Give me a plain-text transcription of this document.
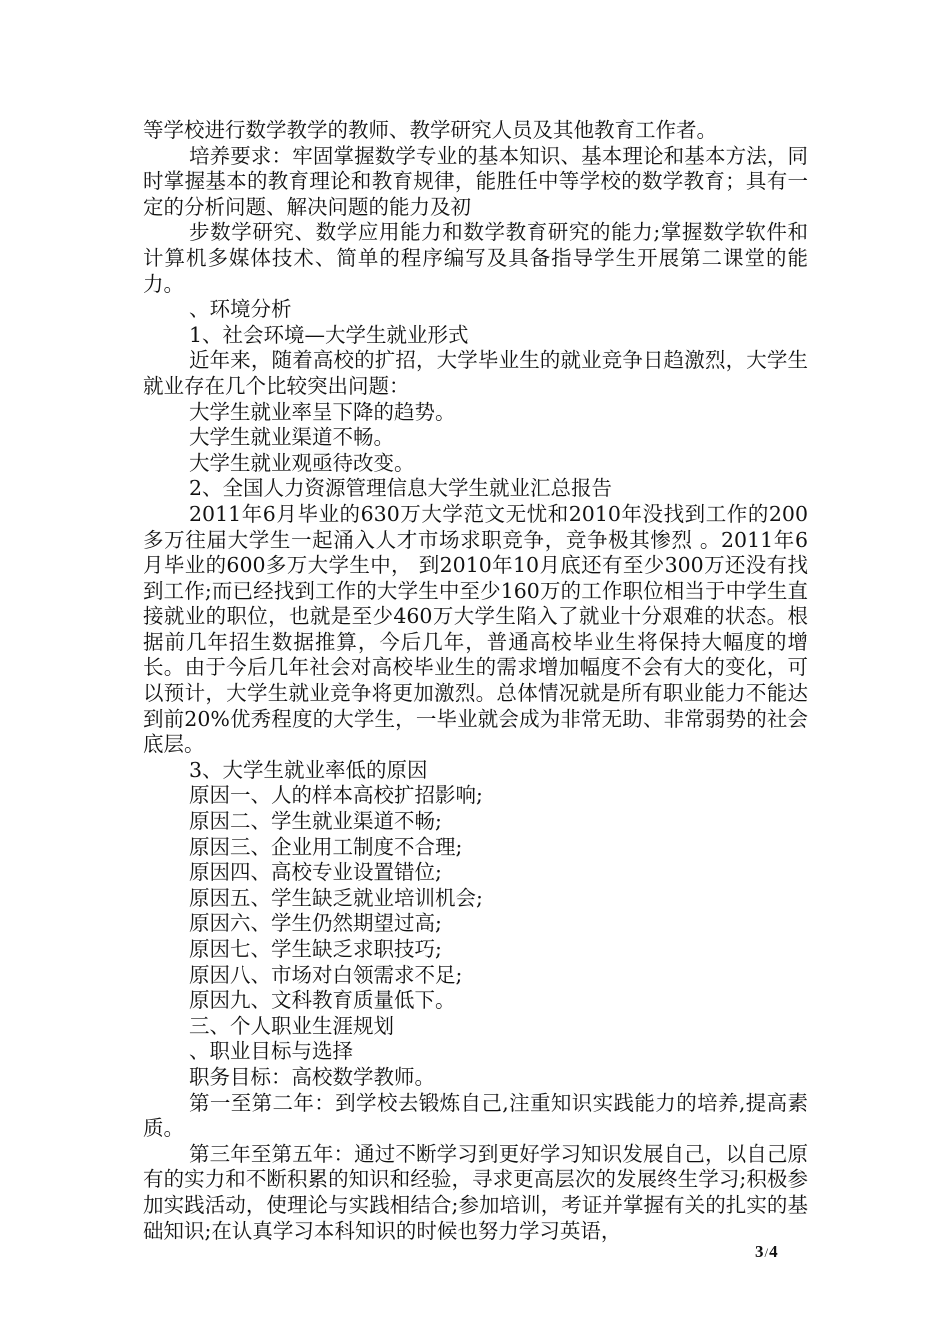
等学校进行数学教学的教师、教学研究人员及其他教育工作者。

培养要求：牢固掌握数学专业的基本知识、基本理论和基本方法，同时掌握基本的教育理论和教育规律，能胜任中等学校的数学教育；具有一定的分析问题、解决问题的能力及初

步数学研究、数学应用能力和数学教育研究的能力;掌握数学软件和计算机多媒体技术、简单的程序编写及具备指导学生开展第二课堂的能力。

、环境分析

1、社会环境—大学生就业形式

近年来，随着高校的扩招，大学毕业生的就业竞争日趋激烈，大学生就业存在几个比较突出问题：

大学生就业率呈下降的趋势。

大学生就业渠道不畅。

大学生就业观亟待改变。

2、全国人力资源管理信息大学生就业汇总报告

2011年6月毕业的630万大学范文无忧和2010年没找到工作的200多万往届大学生一起涌入人才市场求职竞争，竞争极其惨烈 。2011年6月毕业的600多万大学生中， 到2010年10月底还有至少300万还没有找到工作;而已经找到工作的大学生中至少160万的工作职位相当于中学生直接就业的职位，也就是至少460万大学生陷入了就业十分艰难的状态。根据前几年招生数据推算，今后几年，普通高校毕业生将保持大幅度的增长。由于今后几年社会对高校毕业生的需求增加幅度不会有大的变化，可以预计，大学生就业竞争将更加激烈。总体情况就是所有职业能力不能达到前20%优秀程度的大学生，一毕业就会成为非常无助、非常弱势的社会底层。

3、大学生就业率低的原因

原因一、人的样本高校扩招影响;

原因二、学生就业渠道不畅;

原因三、企业用工制度不合理;

原因四、高校专业设置错位;

原因五、学生缺乏就业培训机会;

原因六、学生仍然期望过高;

原因七、学生缺乏求职技巧;

原因八、市场对白领需求不足;

原因九、文科教育质量低下。

三、个人职业生涯规划

、职业目标与选择

职务目标：高校数学教师。

第一至第二年：到学校去锻炼自己,注重知识实践能力的培养,提高素质。

第三年至第五年：通过不断学习到更好学习知识发展自己，以自己原有的实力和不断积累的知识和经验，寻求更高层次的发展终生学习;积极参加实践活动，使理论与实践相结合;参加培训，考证并掌握有关的扎实的基础知识;在认真学习本科知识的时候也努力学习英语，

3/4
